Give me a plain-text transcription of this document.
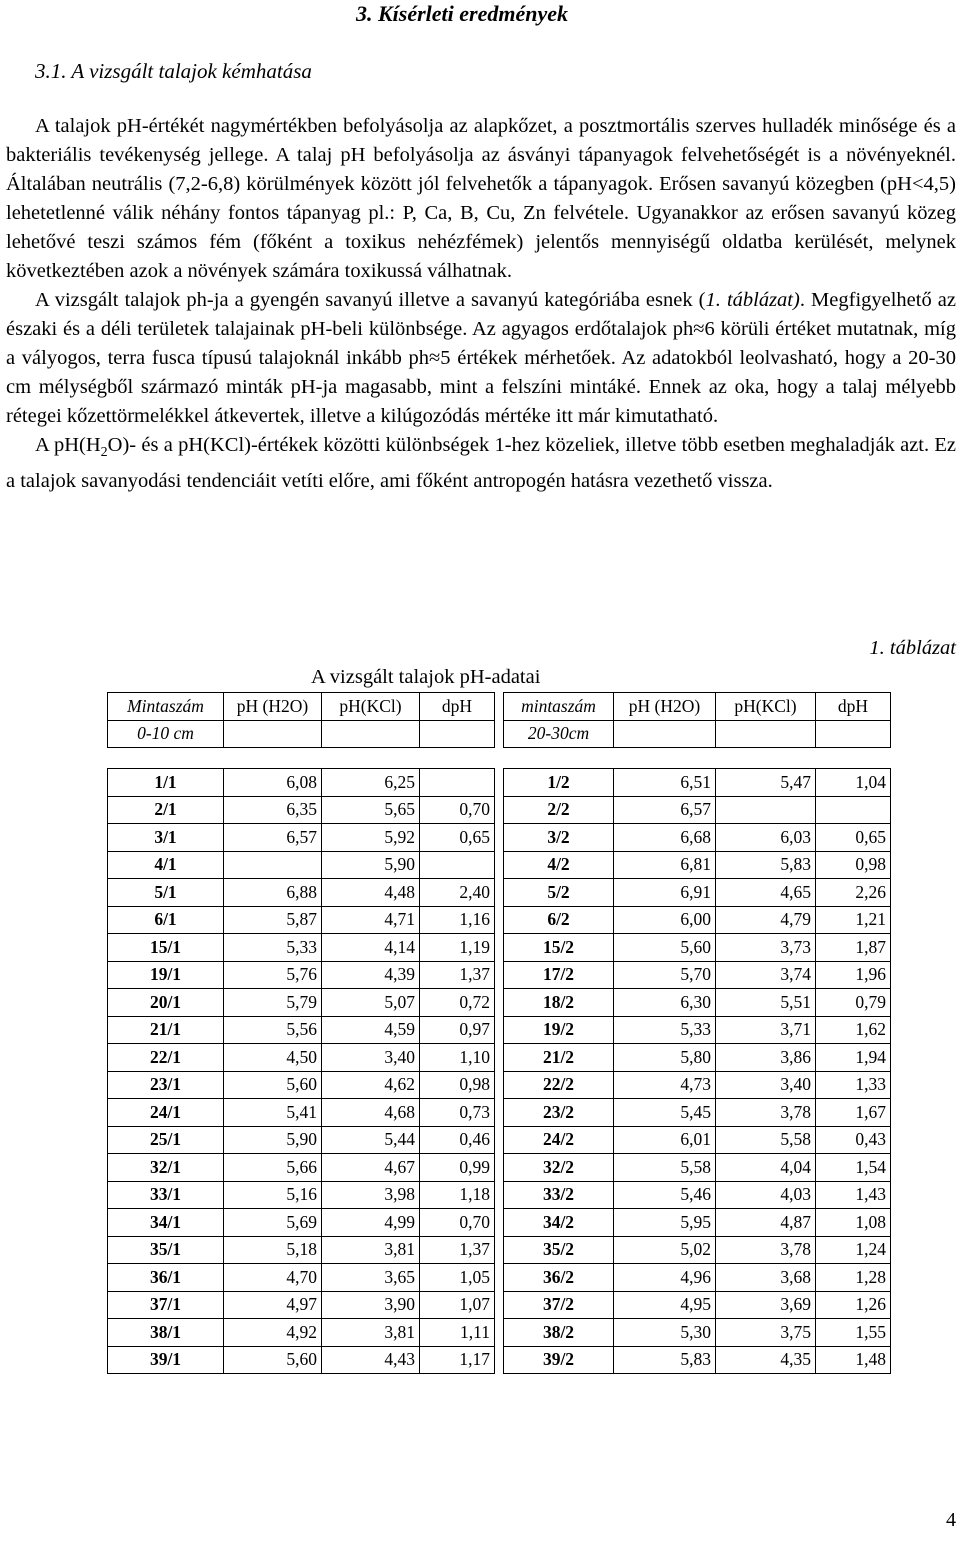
3. Kísérleti eredmények
3.1. A vizsgált talajok kémhatása

A talajok pH-értékét nagymértékben befolyásolja az alapkőzet, a posztmortális szerves hulladék minősége és a bakteriális tevékenység jellege. A talaj pH befolyásolja az ásványi tápanyagok felvehetőségét is a növényeknél. Általában neutrális (7,2-6,8) körülmények között jól felvehetők a tápanyagok. Erősen savanyú közegben (pH<4,5) lehetetlenné válik néhány fontos tápanyag pl.: P, Ca, B, Cu, Zn felvétele. Ugyanakkor az erősen savanyú közeg lehetővé teszi számos fém (főként a toxikus nehézfémek) jelentős mennyiségű oldatba kerülését, melynek következtében azok a növények számára toxikussá válhatnak.

A vizsgált talajok ph-ja a gyengén savanyú illetve a savanyú kategóriába esnek (1. táblázat). Megfigyelhető az északi és a déli területek talajainak pH-beli különbsége. Az agyagos erdőtalajok ph≈6 körüli értéket mutatnak, míg a vályogos, terra fusca típusú talajoknál inkább ph≈5 értékek mérhetőek. Az adatokból leolvasható, hogy a 20-30 cm mélységből származó minták pH-ja magasabb, mint a felszíni mintáké. Ennek az oka, hogy a talaj mélyebb rétegei kőzettörmelékkel átkevertek, illetve a kilúgozódás mértéke itt már kimutatható.

A $pH(H_2O)-$ és a pH(KCl)-értékek közötti különbségek 1-hez közeliek, illetve több esetben meghaladják azt. Ez a talajok savanyodási tendenciáit vetíti előre, ami főként antropogén hatásra vezethető vissza.

1. táblázat
A vizsgált talajok pH-adatai
Mintaszám	pH (H2O)	pH(KCl)	dpH		mintaszám	pH (H2O)	pH(KCl)	dpH
0-10 cm					20-30cm			

1/1	6,08	6,25			1/2	6,51	5,47	1,04
2/1	6,35	5,65	0,70		2/2	6,57		
3/1	6,57	5,92	0,65		3/2	6,68	6,03	0,65
4/1		5,90			4/2	6,81	5,83	0,98
5/1	6,88	4,48	2,40		5/2	6,91	4,65	2,26
6/1	5,87	4,71	1,16		6/2	6,00	4,79	1,21
15/1	5,33	4,14	1,19		15/2	5,60	3,73	1,87
19/1	5,76	4,39	1,37		17/2	5,70	3,74	1,96
20/1	5,79	5,07	0,72		18/2	6,30	5,51	0,79
21/1	5,56	4,59	0,97		19/2	5,33	3,71	1,62
22/1	4,50	3,40	1,10		21/2	5,80	3,86	1,94
23/1	5,60	4,62	0,98		22/2	4,73	3,40	1,33
24/1	5,41	4,68	0,73		23/2	5,45	3,78	1,67
25/1	5,90	5,44	0,46		24/2	6,01	5,58	0,43
32/1	5,66	4,67	0,99		32/2	5,58	4,04	1,54
33/1	5,16	3,98	1,18		33/2	5,46	4,03	1,43
34/1	5,69	4,99	0,70		34/2	5,95	4,87	1,08
35/1	5,18	3,81	1,37		35/2	5,02	3,78	1,24
36/1	4,70	3,65	1,05		36/2	4,96	3,68	1,28
37/1	4,97	3,90	1,07		37/2	4,95	3,69	1,26
38/1	4,92	3,81	1,11		38/2	5,30	3,75	1,55
39/1	5,60	4,43	1,17		39/2	5,83	4,35	1,48
4
